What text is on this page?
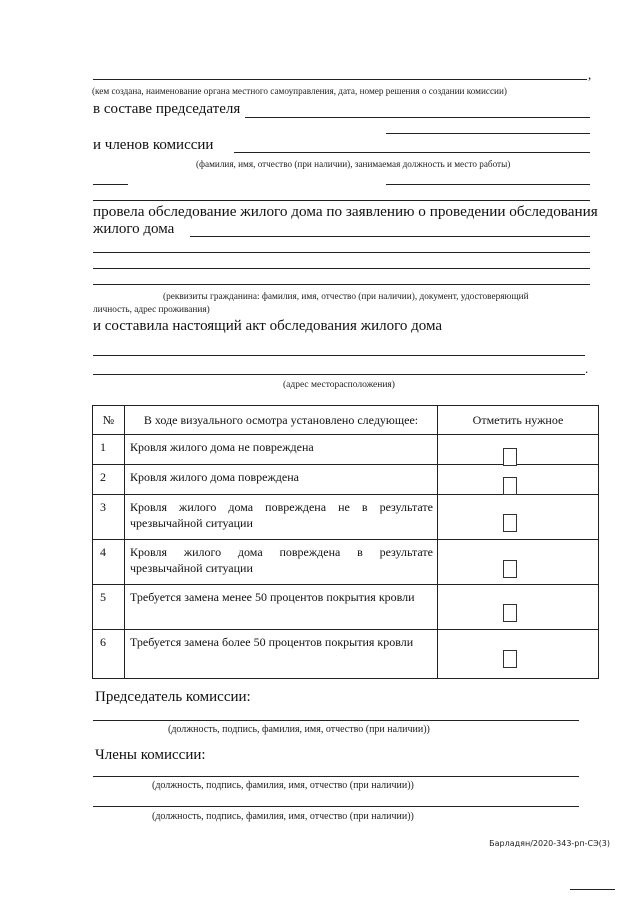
,
(кем создана, наименование органа местного самоуправления, дата, номер решения о создании комиссии)
в составе председателя
и членов комиссии
(фамилия, имя, отчество (при наличии), занимаемая должность и место работы)
провела обследование жилого дома по заявлению о проведении обследования
жилого дома
(реквизиты гражданина: фамилия, имя, отчество (при наличии), документ, удостоверяющий
личность, адрес проживания)
и составила настоящий акт обследования жилого дома
.
(адрес месторасположения)
№	В ходе визуального осмотра установлено следующее:	Отметить нужное
1	Кровля жилого дома не повреждена	
2	Кровля жилого дома повреждена	
3	Кровля жилого дома повреждена не в результате чрезвычайной ситуации	
4	Кровля жилого дома повреждена в результате чрезвычайной ситуации	
5	Требуется замена менее 50 процентов покрытия кровли	
6	Требуется замена более 50 процентов покрытия кровли	
Председатель комиссии:
(должность, подпись, фамилия, имя, отчество (при наличии))
Члены комиссии:
(должность, подпись, фамилия, имя, отчество (при наличии))
(должность, подпись, фамилия, имя, отчество (при наличии))
Барладян/2020-343-рп-СЭ(3)
